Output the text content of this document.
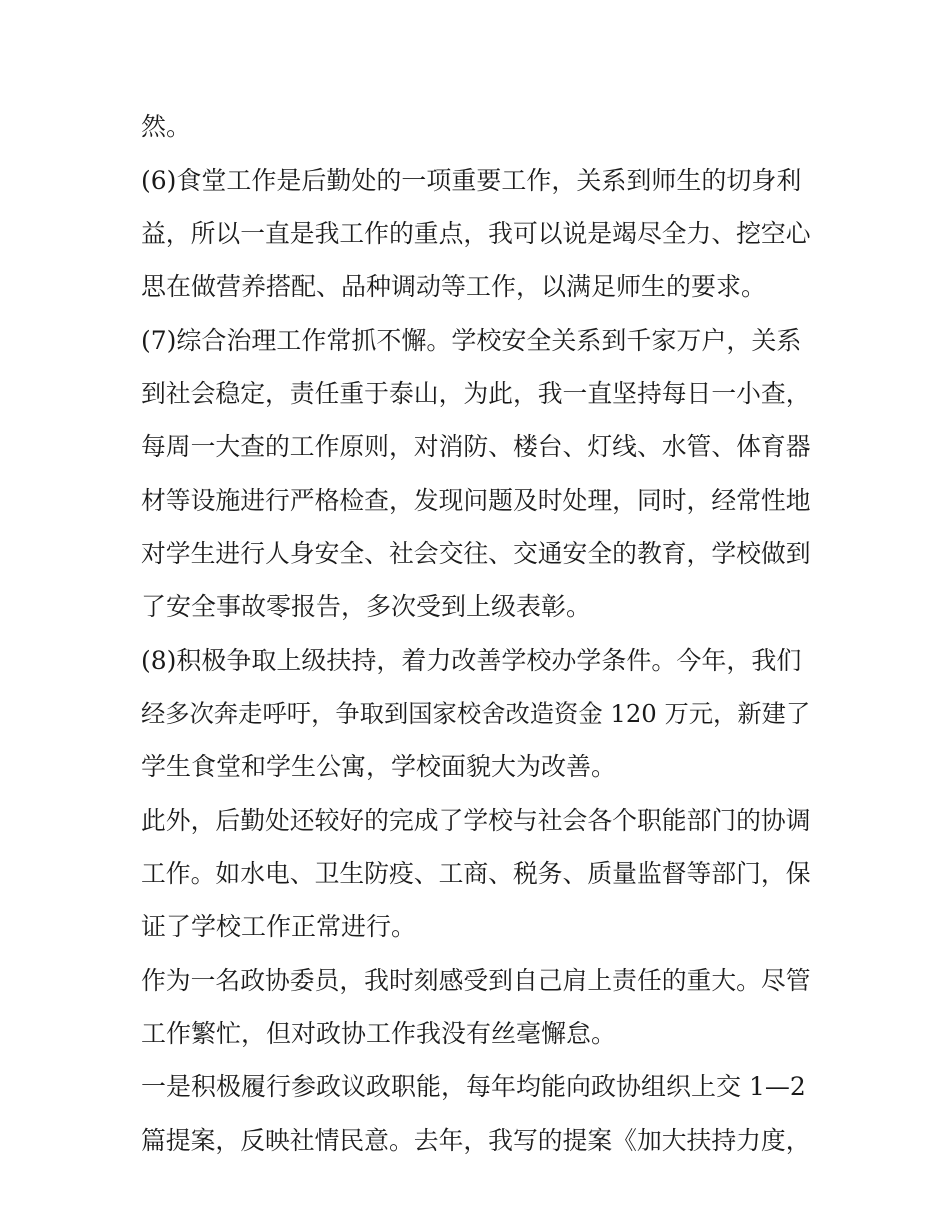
然。

(6)食堂工作是后勤处的一项重要工作，关系到师生的切身利

益，所以一直是我工作的重点，我可以说是竭尽全力、挖空心

思在做营养搭配、品种调动等工作，以满足师生的要求。

(7)综合治理工作常抓不懈。学校安全关系到千家万户，关系

到社会稳定，责任重于泰山，为此，我一直坚持每日一小查，

每周一大查的工作原则，对消防、楼台、灯线、水管、体育器

材等设施进行严格检查，发现问题及时处理，同时，经常性地

对学生进行人身安全、社会交往、交通安全的教育，学校做到

了安全事故零报告，多次受到上级表彰。

(8)积极争取上级扶持，着力改善学校办学条件。今年，我们

经多次奔走呼吁，争取到国家校舍改造资金 120 万元，新建了

学生食堂和学生公寓，学校面貌大为改善。

此外，后勤处还较好的完成了学校与社会各个职能部门的协调

工作。如水电、卫生防疫、工商、税务、质量监督等部门，保

证了学校工作正常进行。

作为一名政协委员，我时刻感受到自己肩上责任的重大。尽管

工作繁忙，但对政协工作我没有丝毫懈怠。

一是积极履行参政议政职能，每年均能向政协组织上交 1—2

篇提案，反映社情民意。去年，我写的提案《加大扶持力度，
